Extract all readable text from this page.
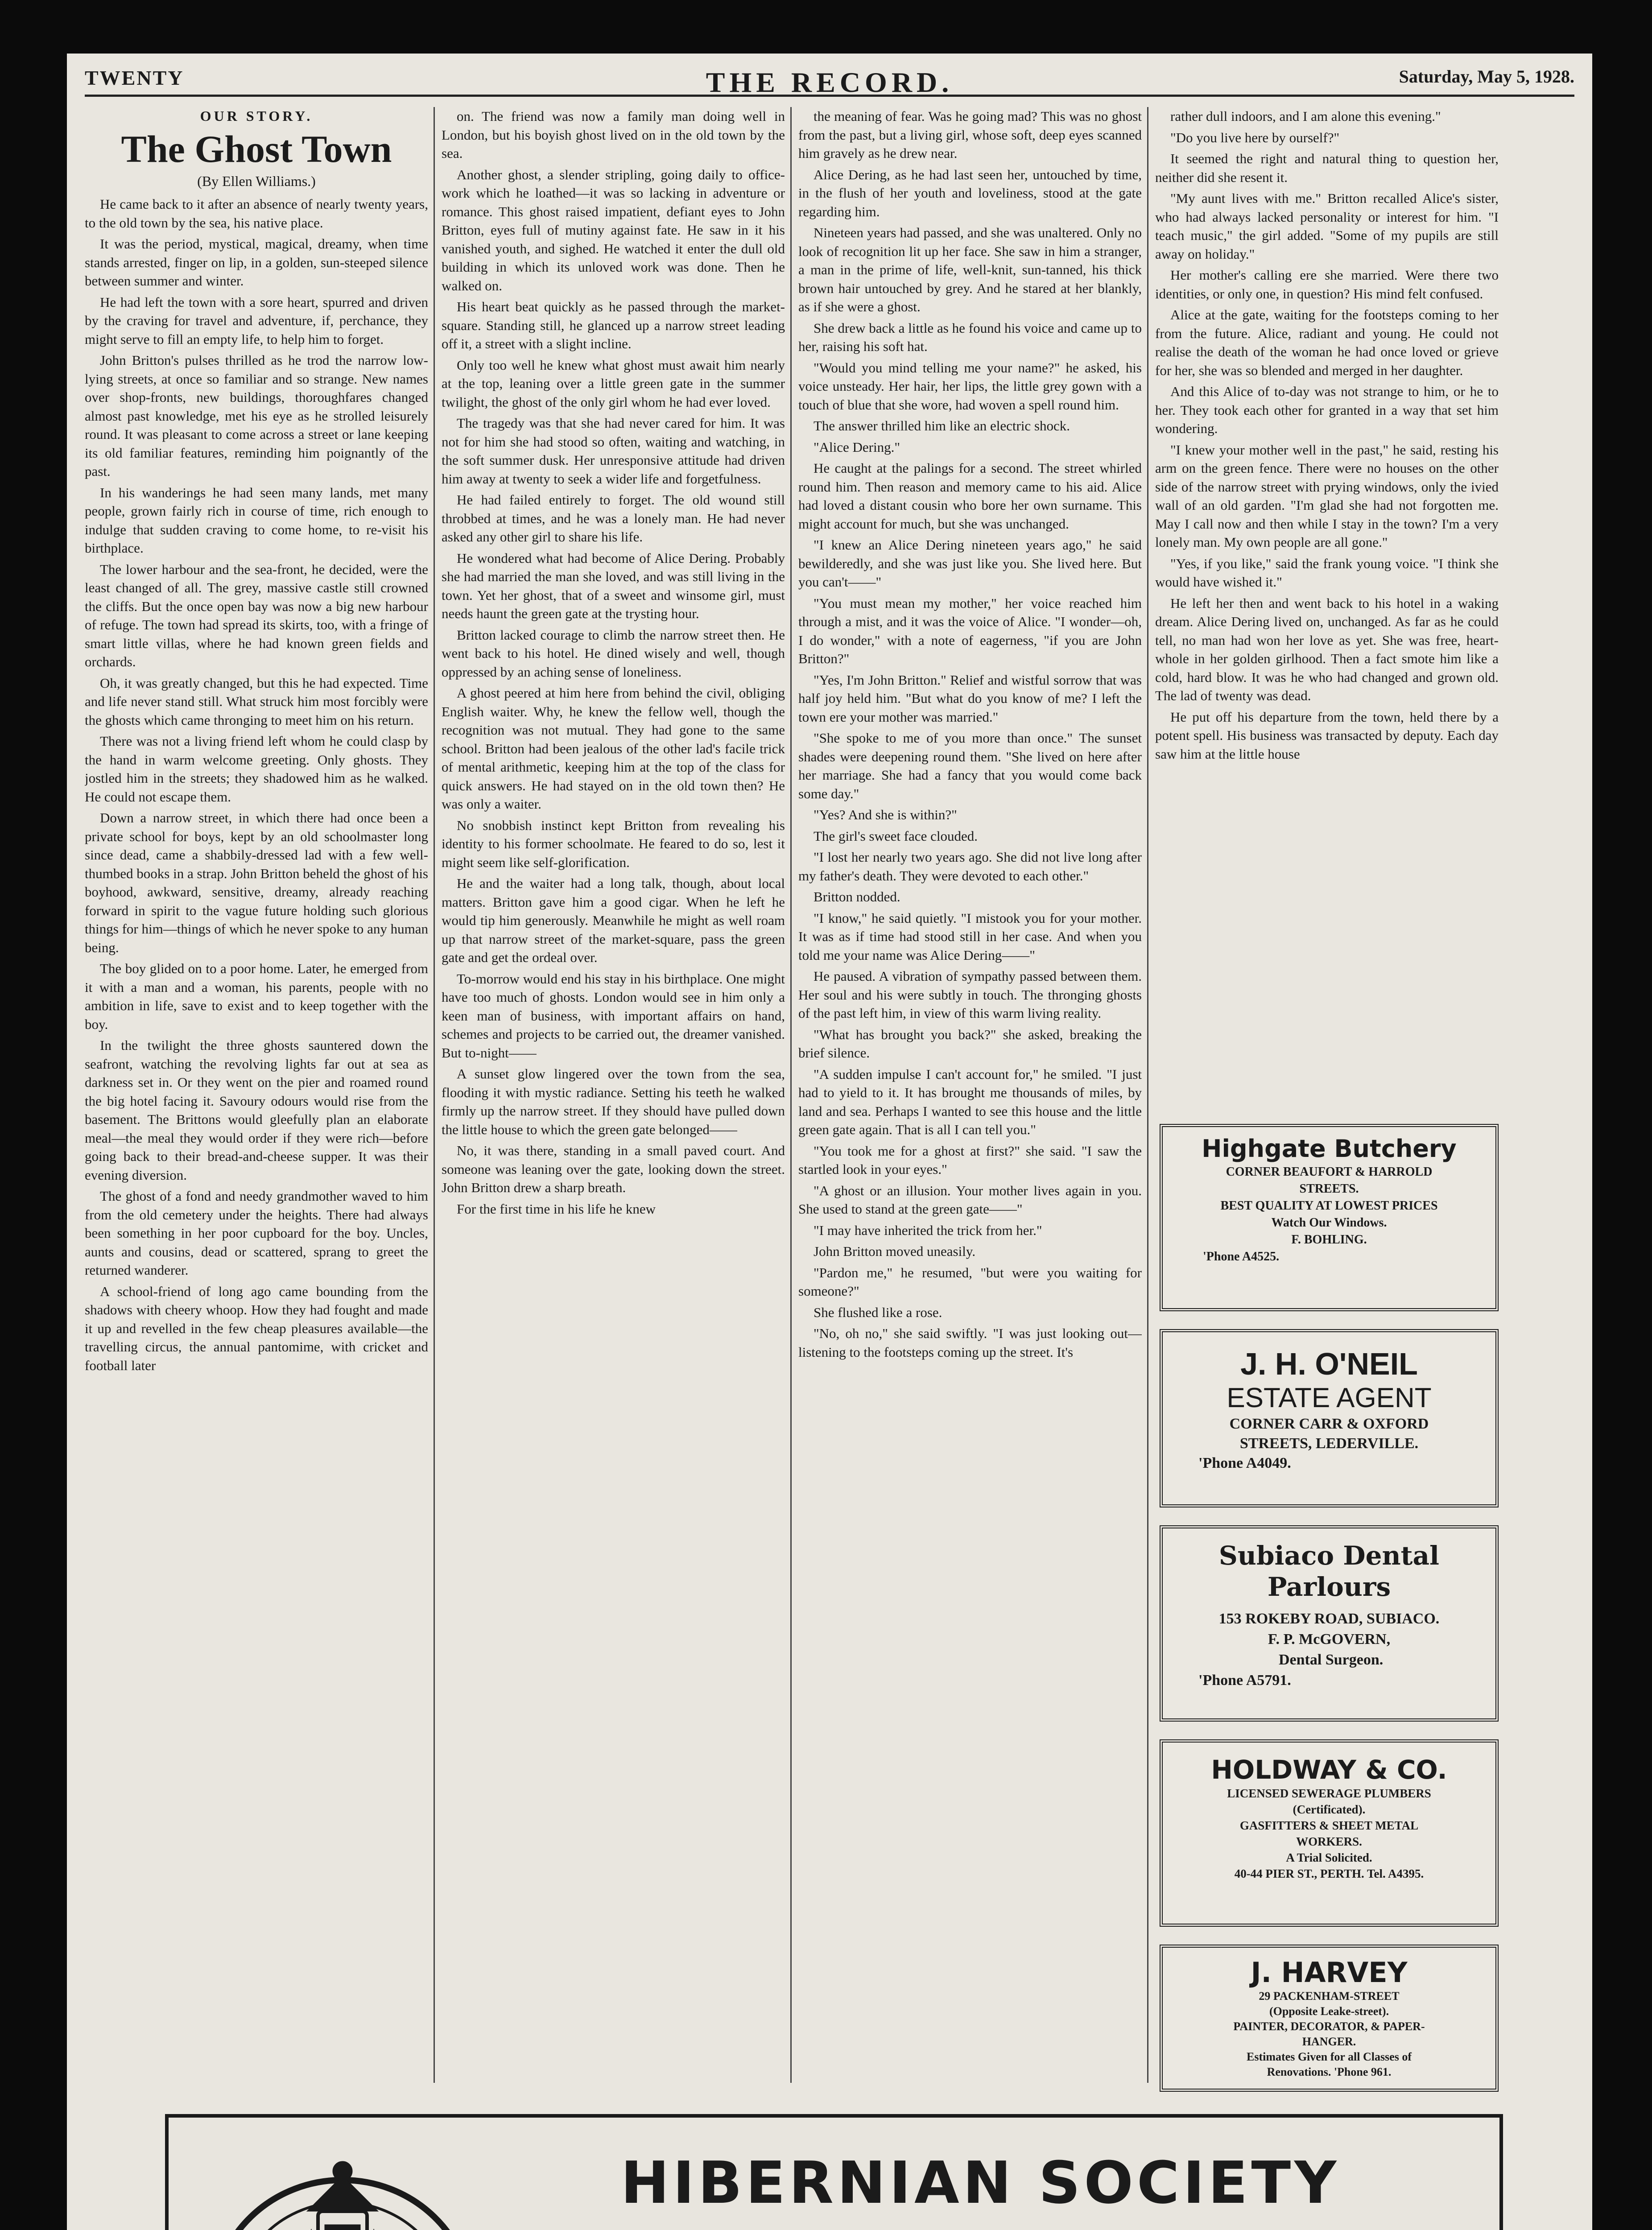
TWENTY	THE RECORD.	Saturday, May 5, 1928.

OUR STORY.

The Ghost Town

(By Ellen Williams.)

He came back to it after an absence of nearly twenty years, to the old town by the sea, his native place.

It was the period, mystical, magical, dreamy, when time stands arrested, finger on lip, in a golden, sun-steeped silence between summer and winter.

He had left the town with a sore heart, spurred and driven by the craving for travel and adventure, if, perchance, they might serve to fill an empty life, to help him to forget.

John Britton's pulses thrilled as he trod the narrow low-lying streets, at once so familiar and so strange. New names over shop-fronts, new buildings, thoroughfares changed almost past knowledge, met his eye as he strolled leisurely round. It was pleasant to come across a street or lane keeping its old familiar features, reminding him poignantly of the past.

In his wanderings he had seen many lands, met many people, grown fairly rich in course of time, rich enough to indulge that sudden craving to come home, to re-visit his birthplace.

The lower harbour and the sea-front, he decided, were the least changed of all. The grey, massive castle still crowned the cliffs. But the once open bay was now a big new harbour of refuge. The town had spread its skirts, too, with a fringe of smart little villas, where he had known green fields and orchards.

Oh, it was greatly changed, but this he had expected. Time and life never stand still. What struck him most forcibly were the ghosts which came thronging to meet him on his return.

There was not a living friend left whom he could clasp by the hand in warm welcome greeting. Only ghosts. They jostled him in the streets; they shadowed him as he walked. He could not escape them.

Down a narrow street, in which there had once been a private school for boys, kept by an old schoolmaster long since dead, came a shabbily-dressed lad with a few well-thumbed books in a strap. John Britton beheld the ghost of his boyhood, awkward, sensitive, dreamy, already reaching forward in spirit to the vague future holding such glorious things for him—things of which he never spoke to any human being.

The boy glided on to a poor home. Later, he emerged from it with a man and a woman, his parents, people with no ambition in life, save to exist and to keep together with the boy.

In the twilight the three ghosts sauntered down the seafront, watching the revolving lights far out at sea as darkness set in. Or they went on the pier and roamed round the big hotel facing it. Savoury odours would rise from the basement. The Brittons would gleefully plan an elaborate meal—the meal they would order if they were rich—before going back to their bread-and-cheese supper. It was their evening diversion.

The ghost of a fond and needy grandmother waved to him from the old cemetery under the heights. There had always been something in her poor cupboard for the boy. Uncles, aunts and cousins, dead or scattered, sprang to greet the returned wanderer.

A school-friend of long ago came bounding from the shadows with cheery whoop. How they had fought and made it up and revelled in the few cheap pleasures available—the travelling circus, the annual pantomime, with cricket and football later

on. The friend was now a family man doing well in London, but his boyish ghost lived on in the old town by the sea.

Another ghost, a slender stripling, going daily to office-work which he loathed—it was so lacking in adventure or romance. This ghost raised impatient, defiant eyes to John Britton, eyes full of mutiny against fate. He saw in it his vanished youth, and sighed. He watched it enter the dull old building in which its unloved work was done. Then he walked on.

His heart beat quickly as he passed through the market-square. Standing still, he glanced up a narrow street leading off it, a street with a slight incline.

Only too well he knew what ghost must await him nearly at the top, leaning over a little green gate in the summer twilight, the ghost of the only girl whom he had ever loved.

The tragedy was that she had never cared for him. It was not for him she had stood so often, waiting and watching, in the soft summer dusk. Her unresponsive attitude had driven him away at twenty to seek a wider life and forgetfulness.

He had failed entirely to forget. The old wound still throbbed at times, and he was a lonely man. He had never asked any other girl to share his life.

He wondered what had become of Alice Dering. Probably she had married the man she loved, and was still living in the town. Yet her ghost, that of a sweet and winsome girl, must needs haunt the green gate at the trysting hour.

Britton lacked courage to climb the narrow street then. He went back to his hotel. He dined wisely and well, though oppressed by an aching sense of loneliness.

A ghost peered at him here from behind the civil, obliging English waiter. Why, he knew the fellow well, though the recognition was not mutual. They had gone to the same school. Britton had been jealous of the other lad's facile trick of mental arithmetic, keeping him at the top of the class for quick answers. He had stayed on in the old town then? He was only a waiter.

No snobbish instinct kept Britton from revealing his identity to his former schoolmate. He feared to do so, lest it might seem like self-glorification.

He and the waiter had a long talk, though, about local matters. Britton gave him a good cigar. When he left he would tip him generously. Meanwhile he might as well roam up that narrow street of the market-square, pass the green gate and get the ordeal over.

To-morrow would end his stay in his birthplace. One might have too much of ghosts. London would see in him only a keen man of business, with important affairs on hand, schemes and projects to be carried out, the dreamer vanished. But to-night——

A sunset glow lingered over the town from the sea, flooding it with mystic radiance. Setting his teeth he walked firmly up the narrow street. If they should have pulled down the little house to which the green gate belonged——

No, it was there, standing in a small paved court. And someone was leaning over the gate, looking down the street. John Britton drew a sharp breath.

For the first time in his life he knew

the meaning of fear. Was he going mad? This was no ghost from the past, but a living girl, whose soft, deep eyes scanned him gravely as he drew near.

Alice Dering, as he had last seen her, untouched by time, in the flush of her youth and loveliness, stood at the gate regarding him.

Nineteen years had passed, and she was unaltered. Only no look of recognition lit up her face. She saw in him a stranger, a man in the prime of life, well-knit, sun-tanned, his thick brown hair untouched by grey. And he stared at her blankly, as if she were a ghost.

She drew back a little as he found his voice and came up to her, raising his soft hat.

"Would you mind telling me your name?" he asked, his voice unsteady. Her hair, her lips, the little grey gown with a touch of blue that she wore, had woven a spell round him.

The answer thrilled him like an electric shock.

"Alice Dering."

He caught at the palings for a second. The street whirled round him. Then reason and memory came to his aid. Alice had loved a distant cousin who bore her own surname. This might account for much, but she was unchanged.

"I knew an Alice Dering nineteen years ago," he said bewilderedly, and she was just like you. She lived here. But you can't——"

"You must mean my mother," her voice reached him through a mist, and it was the voice of Alice. "I wonder—oh, I do wonder," with a note of eagerness, "if you are John Britton?"

"Yes, I'm John Britton." Relief and wistful sorrow that was half joy held him. "But what do you know of me? I left the town ere your mother was married."

"She spoke to me of you more than once." The sunset shades were deepening round them. "She lived on here after her marriage. She had a fancy that you would come back some day."

"Yes? And she is within?"

The girl's sweet face clouded.

"I lost her nearly two years ago. She did not live long after my father's death. They were devoted to each other."

Britton nodded.

"I know," he said quietly. "I mistook you for your mother. It was as if time had stood still in her case. And when you told me your name was Alice Dering——"

He paused. A vibration of sympathy passed between them. Her soul and his were subtly in touch. The thronging ghosts of the past left him, in view of this warm living reality.

"What has brought you back?" she asked, breaking the brief silence.

"A sudden impulse I can't account for," he smiled. "I just had to yield to it. It has brought me thousands of miles, by land and sea. Perhaps I wanted to see this house and the little green gate again. That is all I can tell you."

"You took me for a ghost at first?" she said. "I saw the startled look in your eyes."

"A ghost or an illusion. Your mother lives again in you. She used to stand at the green gate——"

"I may have inherited the trick from her."

John Britton moved uneasily.

"Pardon me," he resumed, "but were you waiting for someone?"

She flushed like a rose.

"No, oh no," she said swiftly. "I was just looking out—listening to the footsteps coming up the street. It's

rather dull indoors, and I am alone this evening."

"Do you live here by ourself?"

It seemed the right and natural thing to question her, neither did she resent it.

"My aunt lives with me." Britton recalled Alice's sister, who had always lacked personality or interest for him. "I teach music," the girl added. "Some of my pupils are still away on holiday."

Her mother's calling ere she married. Were there two identities, or only one, in question? His mind felt confused.

Alice at the gate, waiting for the footsteps coming to her from the future. Alice, radiant and young. He could not realise the death of the woman he had once loved or grieve for her, she was so blended and merged in her daughter.

And this Alice of to-day was not strange to him, or he to her. They took each other for granted in a way that set him wondering.

"I knew your mother well in the past," he said, resting his arm on the green fence. There were no houses on the other side of the narrow street with prying windows, only the ivied wall of an old garden. "I'm glad she had not forgotten me. May I call now and then while I stay in the town? I'm a very lonely man. My own people are all gone."

"Yes, if you like," said the frank young voice. "I think she would have wished it."

He left her then and went back to his hotel in a waking dream. Alice Dering lived on, unchanged. As far as he could tell, no man had won her love as yet. She was free, heart-whole in her golden girlhood. Then a fact smote him like a cold, hard blow. It was he who had changed and grown old. The lad of twenty was dead.

He put off his departure from the town, held there by a potent spell. His business was transacted by deputy. Each day saw him at the little house

Highgate Butchery
CORNER BEAUFORT & HARROLD
STREETS.
BEST QUALITY AT LOWEST PRICES
Watch Our Windows.
F. BOHLING.
'Phone A4525.
J. H. O'NEIL
ESTATE AGENT
CORNER CARR & OXFORD
STREETS, LEDERVILLE.
'Phone A4049.
Subiaco Dental Parlours
153 ROKEBY ROAD, SUBIACO.
F. P. McGOVERN,
Dental Surgeon.
'Phone A5791.
HOLDWAY & CO.
LICENSED SEWERAGE PLUMBERS
(Certificated).
GASFITTERS & SHEET METAL
WORKERS.
A Trial Solicited.
40-44 PIER ST., PERTH. Tel. A4395.
J. HARVEY
29 PACKENHAM-STREET
(Opposite Leake-street).
PAINTER, DECORATOR, & PAPER-
HANGER.
Estimates Given for all Classes of
Renovations. 'Phone 961.
HIBERNIAN SOCIETY
